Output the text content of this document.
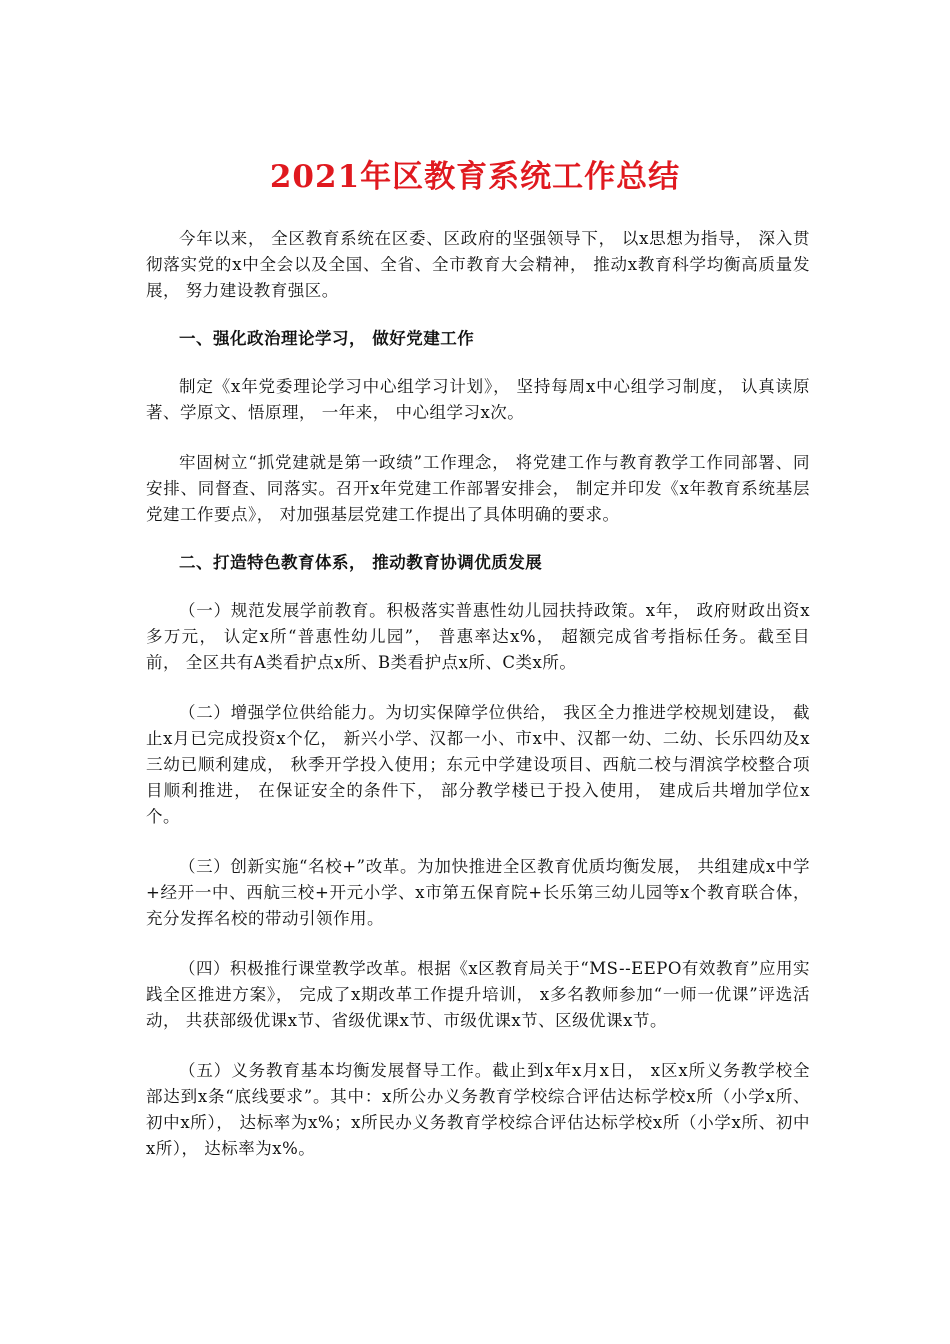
2021年区教育系统工作总结

今年以来， 全区教育系统在区委、区政府的坚强领导下， 以x思想为指导， 深入贯彻落实党的x中全会以及全国、全省、全市教育大会精神， 推动x教育科学均衡高质量发展， 努力建设教育强区。

一、强化政治理论学习， 做好党建工作

制定《x年党委理论学习中心组学习计划》， 坚持每周x中心组学习制度， 认真读原著、学原文、悟原理， 一年来， 中心组学习x次。

牢固树立“抓党建就是第一政绩”工作理念， 将党建工作与教育教学工作同部署、同安排、同督查、同落实。召开x年党建工作部署安排会， 制定并印发《x年教育系统基层党建工作要点》， 对加强基层党建工作提出了具体明确的要求。

二、打造特色教育体系， 推动教育协调优质发展

（一）规范发展学前教育。积极落实普惠性幼儿园扶持政策。x年， 政府财政出资x多万元， 认定x所“普惠性幼儿园”， 普惠率达x%， 超额完成省考指标任务。截至目前， 全区共有A类看护点x所、B类看护点x所、C类x所。

（二）增强学位供给能力。为切实保障学位供给， 我区全力推进学校规划建设， 截止x月已完成投资x个亿， 新兴小学、汉都一小、市x中、汉都一幼、二幼、长乐四幼及x三幼已顺利建成， 秋季开学投入使用；东元中学建设项目、西航二校与渭滨学校整合项目顺利推进， 在保证安全的条件下， 部分教学楼已于投入使用， 建成后共增加学位x个。

（三）创新实施“名校+”改革。为加快推进全区教育优质均衡发展， 共组建成x中学+经开一中、西航三校+开元小学、x市第五保育院+长乐第三幼儿园等x个教育联合体， 充分发挥名校的带动引领作用。

（四）积极推行课堂教学改革。根据《x区教育局关于“MS--EEPO有效教育”应用实践全区推进方案》， 完成了x期改革工作提升培训， x多名教师参加“一师一优课”评选活动， 共获部级优课x节、省级优课x节、市级优课x节、区级优课x节。

（五）义务教育基本均衡发展督导工作。截止到x年x月x日， x区x所义务教学校全部达到x条“底线要求”。其中：x所公办义务教育学校综合评估达标学校x所（小学x所、初中x所）， 达标率为x%；x所民办义务教育学校综合评估达标学校x所（小学x所、初中x所）， 达标率为x%。
